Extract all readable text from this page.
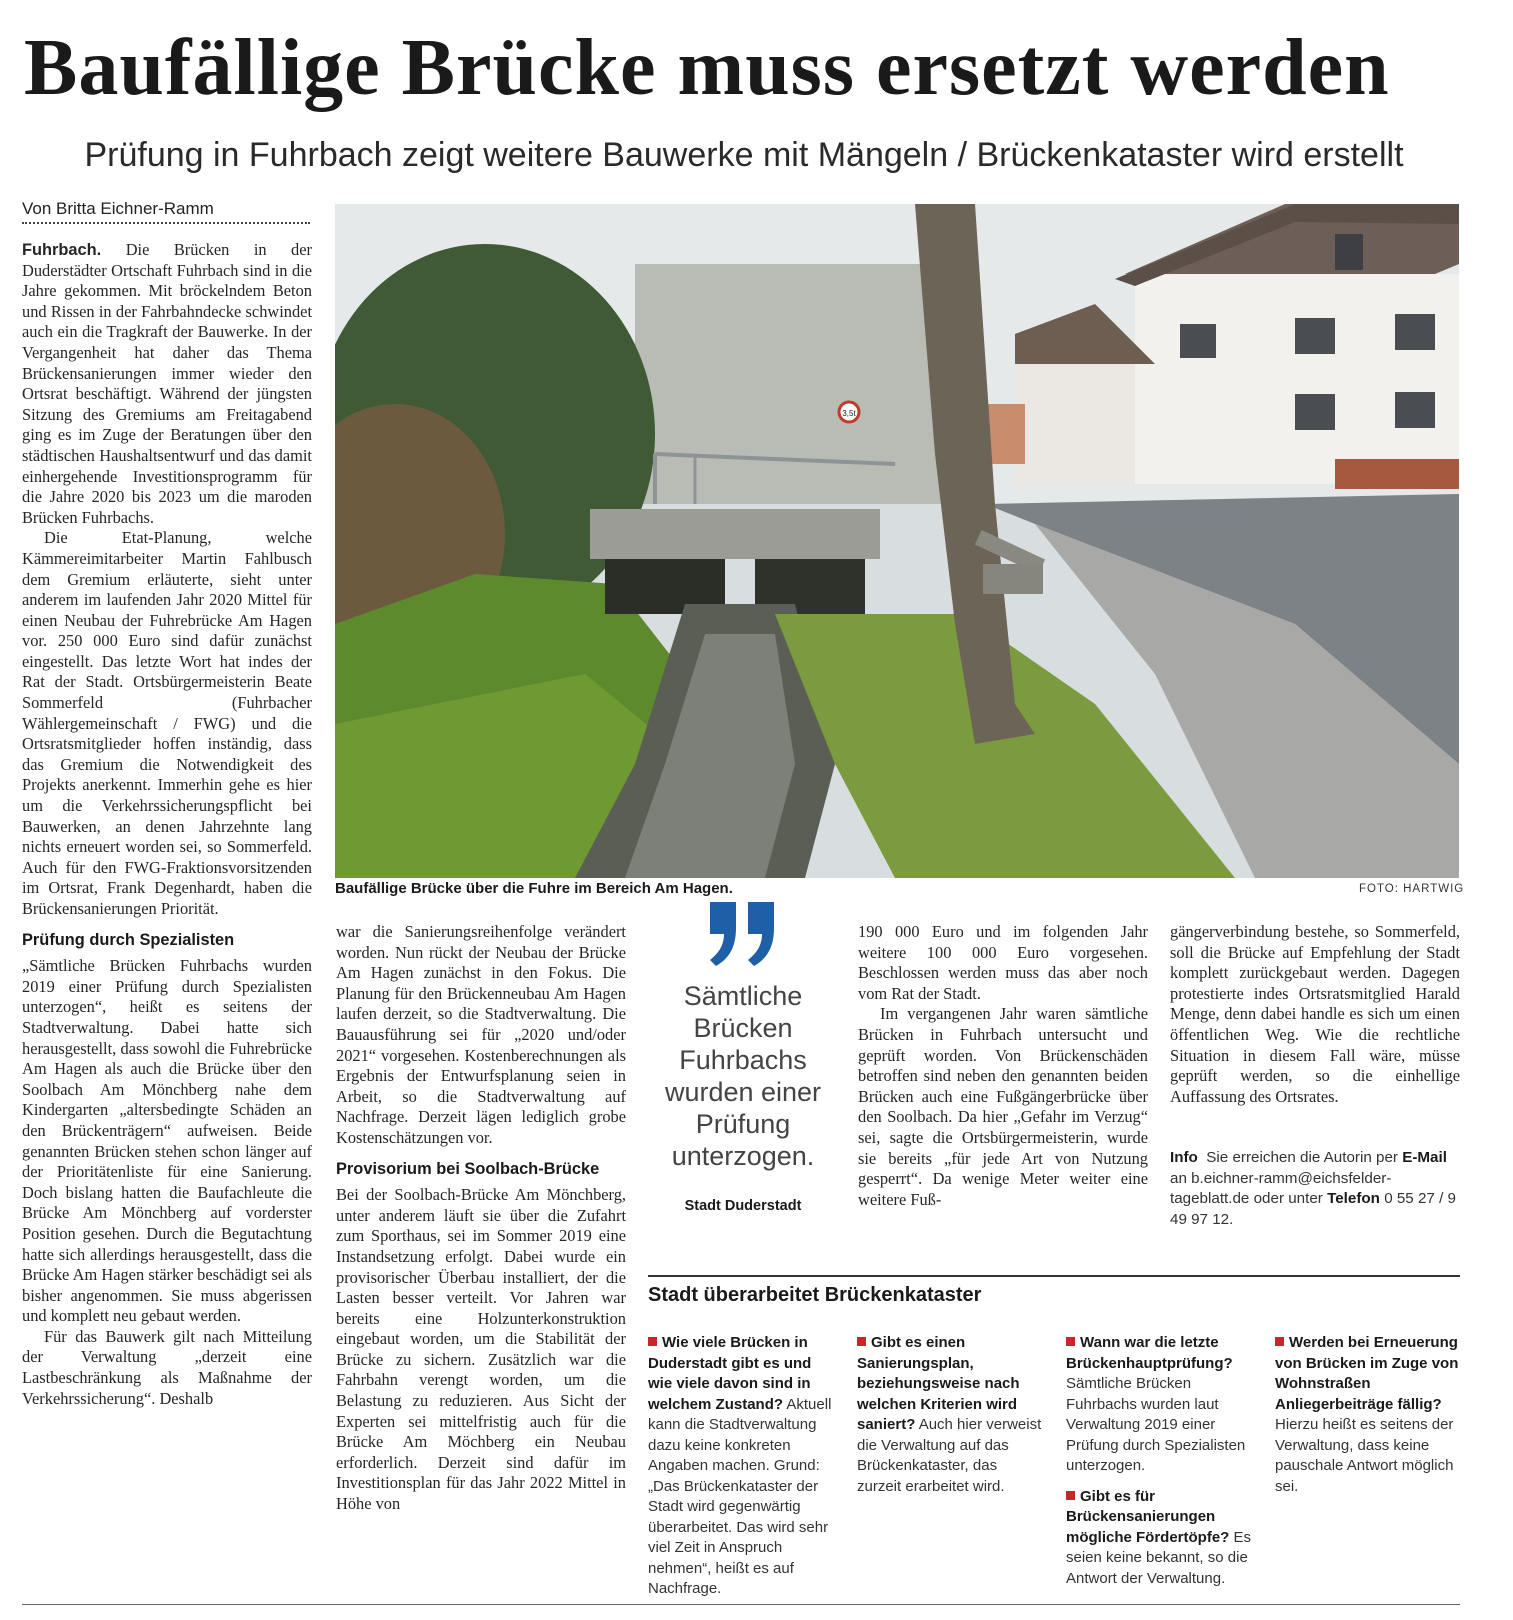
Baufällige Brücke muss ersetzt werden
Prüfung in Fuhrbach zeigt weitere Bauwerke mit Mängeln / Brückenkataster wird erstellt
Von Britta Eichner-Ramm

Fuhrbach. Die Brücken in der Duderstädter Ortschaft Fuhrbach sind in die Jahre gekommen. Mit bröckelndem Beton und Rissen in der Fahrbahndecke schwindet auch ein die Tragkraft der Bauwerke. In der Vergangenheit hat daher das Thema Brückensanierungen immer wieder den Ortsrat beschäftigt. Während der jüngsten Sitzung des Gremiums am Freitagabend ging es im Zuge der Beratungen über den städtischen Haushaltsentwurf und das damit einhergehende Investitionsprogramm für die Jahre 2020 bis 2023 um die maroden Brücken Fuhrbachs.

Die Etat-Planung, welche Kämmereimitarbeiter Martin Fahlbusch dem Gremium erläuterte, sieht unter anderem im laufenden Jahr 2020 Mittel für einen Neubau der Fuhrebrücke Am Hagen vor. 250 000 Euro sind dafür zunächst eingestellt. Das letzte Wort hat indes der Rat der Stadt. Ortsbürgermeisterin Beate Sommerfeld (Fuhrbacher Wählergemeinschaft / FWG) und die Ortsratsmitglieder hoffen inständig, dass das Gremium die Notwendigkeit des Projekts anerkennt. Immerhin gehe es hier um die Verkehrssicherungspflicht bei Bauwerken, an denen Jahrzehnte lang nichts erneuert worden sei, so Sommerfeld. Auch für den FWG-Fraktionsvorsitzenden im Ortsrat, Frank Degenhardt, haben die Brückensanierungen Priorität.

Prüfung durch Spezialisten

„Sämtliche Brücken Fuhrbachs wurden 2019 einer Prüfung durch Spezialisten unterzogen“, heißt es seitens der Stadtverwaltung. Dabei hatte sich herausgestellt, dass sowohl die Fuhrebrücke Am Hagen als auch die Brücke über den Soolbach Am Mönchberg nahe dem Kindergarten „altersbedingte Schäden an den Brückenträgern“ aufweisen. Beide genannten Brücken stehen schon länger auf der Prioritätenliste für eine Sanierung. Doch bislang hatten die Baufachleute die Brücke Am Mönchberg auf vorderster Position gesehen. Durch die Begutachtung hatte sich allerdings herausgestellt, dass die Brücke Am Hagen stärker beschädigt sei als bisher angenommen. Sie muss abgerissen und komplett neu gebaut werden.

Für das Bauwerk gilt nach Mitteilung der Verwaltung „derzeit eine Lastbeschränkung als Maßnahme der Verkehrssicherung“. Deshalb

3,5t
Baufällige Brücke über die Fuhre im Bereich Am Hagen.	FOTO: HARTWIG

war die Sanierungsreihenfolge verändert worden. Nun rückt der Neubau der Brücke Am Hagen zunächst in den Fokus. Die Planung für den Brückenneubau Am Hagen laufen derzeit, so die Stadtverwaltung. Die Bauausführung sei für „2020 und/oder 2021“ vorgesehen. Kostenberechnungen als Ergebnis der Entwurfsplanung seien in Arbeit, so die Stadtverwaltung auf Nachfrage. Derzeit lägen lediglich grobe Kostenschätzungen vor.

Provisorium bei Soolbach-Brücke

Bei der Soolbach-Brücke Am Mönchberg, unter anderem läuft sie über die Zufahrt zum Sporthaus, sei im Sommer 2019 eine Instandsetzung erfolgt. Dabei wurde ein provisorischer Überbau installiert, der die Lasten besser verteilt. Vor Jahren war bereits eine Holzunterkonstruktion eingebaut worden, um die Stabilität der Brücke zu sichern. Zusätzlich war die Fahrbahn verengt worden, um die Belastung zu reduzieren. Aus Sicht der Experten sei mittelfristig auch für die Brücke Am Möchberg ein Neubau erforderlich. Derzeit sind dafür im Investitionsplan für das Jahr 2022 Mittel in Höhe von

Sämtliche Brücken Fuhrbachs wurden einer Prüfung unterzogen.
Stadt Duderstadt

190 000 Euro und im folgenden Jahr weitere 100 000 Euro vorgesehen. Beschlossen werden muss das aber noch vom Rat der Stadt.

Im vergangenen Jahr waren sämtliche Brücken in Fuhrbach untersucht und geprüft worden. Von Brückenschäden betroffen sind neben den genannten beiden Brücken auch eine Fußgängerbrücke über den Soolbach. Da hier „Gefahr im Verzug“ sei, sagte die Ortsbürgermeisterin, wurde sie bereits „für jede Art von Nutzung gesperrt“. Da wenige Meter weiter eine weitere Fuß-

gängerverbindung bestehe, so Sommerfeld, soll die Brücke auf Empfehlung der Stadt komplett zurückgebaut werden. Dagegen protestierte indes Ortsratsmitglied Harald Menge, denn dabei handle es sich um einen öffentlichen Weg. Wie die rechtliche Situation in diesem Fall wäre, müsse geprüft werden, so die einhellige Auffassung des Ortsrates.

Info Sie erreichen die Autorin per E-Mail an b.eichner-ramm@eichsfelder-tageblatt.de oder unter Telefon 0 55 27 / 9 49 97 12.
Stadt überarbeitet Brückenkataster

Wie viele Brücken in Duderstadt gibt es und wie viele davon sind in welchem Zustand? Aktuell kann die Stadtverwaltung dazu keine konkreten Angaben machen. Grund: „Das Brückenkataster der Stadt wird gegenwärtig überarbeitet. Das wird sehr viel Zeit in Anspruch nehmen“, heißt es auf Nachfrage.

Gibt es einen Sanierungsplan, beziehungsweise nach welchen Kriterien wird saniert? Auch hier verweist die Verwaltung auf das Brückenkataster, das zurzeit erarbeitet wird.

Wann war die letzte Brückenhauptprüfung? Sämtliche Brücken Fuhrbachs wurden laut Verwaltung 2019 einer Prüfung durch Spezialisten unterzogen.

Gibt es für Brückensanierungen mögliche Fördertöpfe? Es seien keine bekannt, so die Antwort der Verwaltung.

Werden bei Erneuerung von Brücken im Zuge von Wohnstraßen Anliegerbeiträge fällig? Hierzu heißt es seitens der Verwaltung, dass keine pauschale Antwort möglich sei.
